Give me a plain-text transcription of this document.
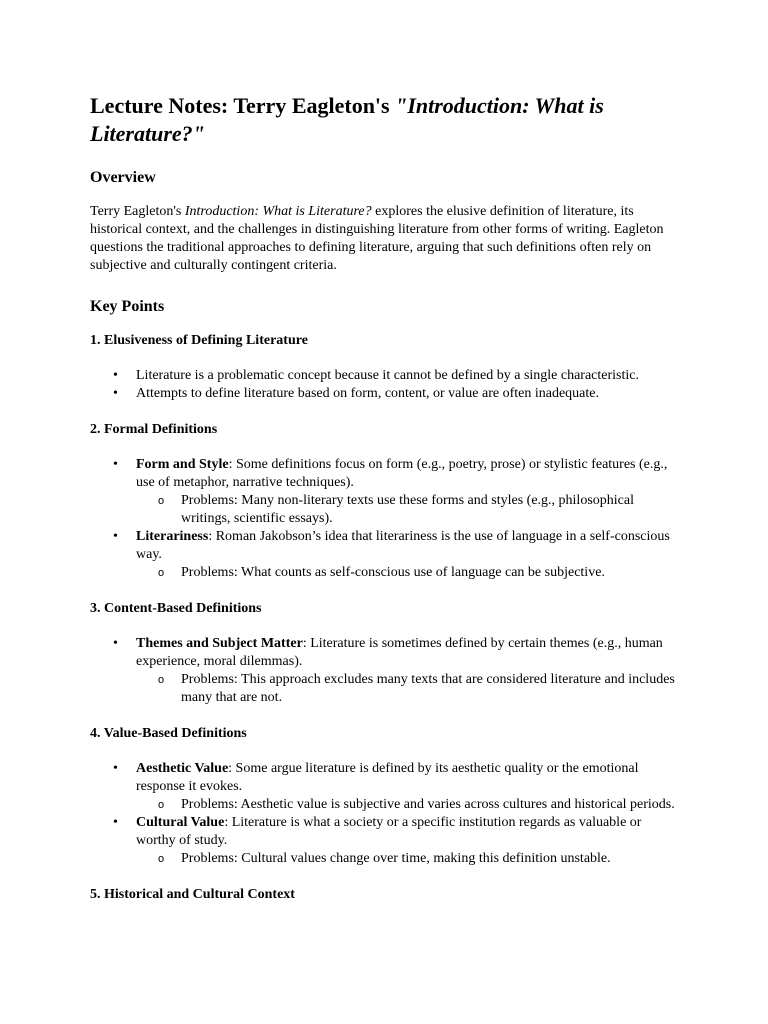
Lecture Notes: Terry Eagleton's "Introduction: What is Literature?"
Overview

Terry Eagleton's Introduction: What is Literature? explores the elusive definition of literature, its historical context, and the challenges in distinguishing literature from other forms of writing. Eagleton questions the traditional approaches to defining literature, arguing that such definitions often rely on subjective and culturally contingent criteria.

Key Points
1. Elusiveness of Defining Literature
• Literature is a problematic concept because it cannot be defined by a single characteristic.
• Attempts to define literature based on form, content, or value are often inadequate.
2. Formal Definitions
• Form and Style: Some definitions focus on form (e.g., poetry, prose) or stylistic features (e.g., use of metaphor, narrative techniques).
o Problems: Many non-literary texts use these forms and styles (e.g., philosophical writings, scientific essays).
• Literariness: Roman Jakobson’s idea that literariness is the use of language in a self-conscious way.
o Problems: What counts as self-conscious use of language can be subjective.
3. Content-Based Definitions
• Themes and Subject Matter: Literature is sometimes defined by certain themes (e.g., human experience, moral dilemmas).
o Problems: This approach excludes many texts that are considered literature and includes many that are not.
4. Value-Based Definitions
• Aesthetic Value: Some argue literature is defined by its aesthetic quality or the emotional response it evokes.
o Problems: Aesthetic value is subjective and varies across cultures and historical periods.
• Cultural Value: Literature is what a society or a specific institution regards as valuable or worthy of study.
o Problems: Cultural values change over time, making this definition unstable.
5. Historical and Cultural Context
